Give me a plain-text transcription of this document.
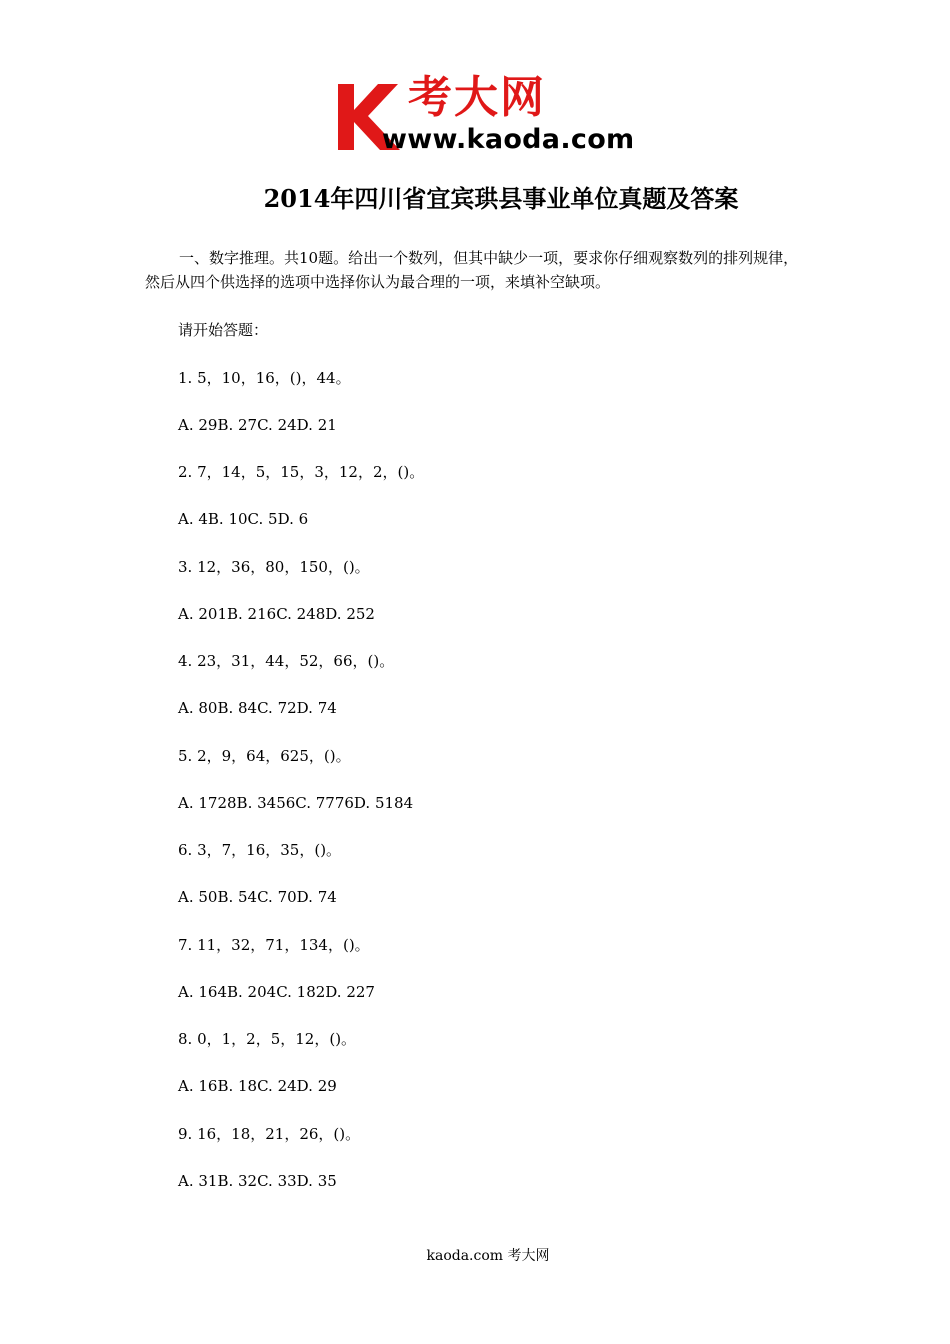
考大网
www.kaoda.com
2014年四川省宜宾珙县事业单位真题及答案

一、数字推理。共10题。给出一个数列，但其中缺少一项，要求你仔细观察数列的排列规律，然后从四个供选择的选项中选择你认为最合理的一项，来填补空缺项。

请开始答题：

1. 5，10，16，()，44。

A. 29B. 27C. 24D. 21

2. 7，14，5，15，3，12，2，()。

A. 4B. 10C. 5D. 6

3. 12，36，80，150，()。

A. 201B. 216C. 248D. 252

4. 23，31，44，52，66，()。

A. 80B. 84C. 72D. 74

5. 2，9，64，625，()。

A. 1728B. 3456C. 7776D. 5184

6. 3，7，16，35，()。

A. 50B. 54C. 70D. 74

7. 11，32，71，134，()。

A. 164B. 204C. 182D. 227

8. 0，1，2，5，12，()。

A. 16B. 18C. 24D. 29

9. 16，18，21，26，()。

A. 31B. 32C. 33D. 35

kaoda.com 考大网
